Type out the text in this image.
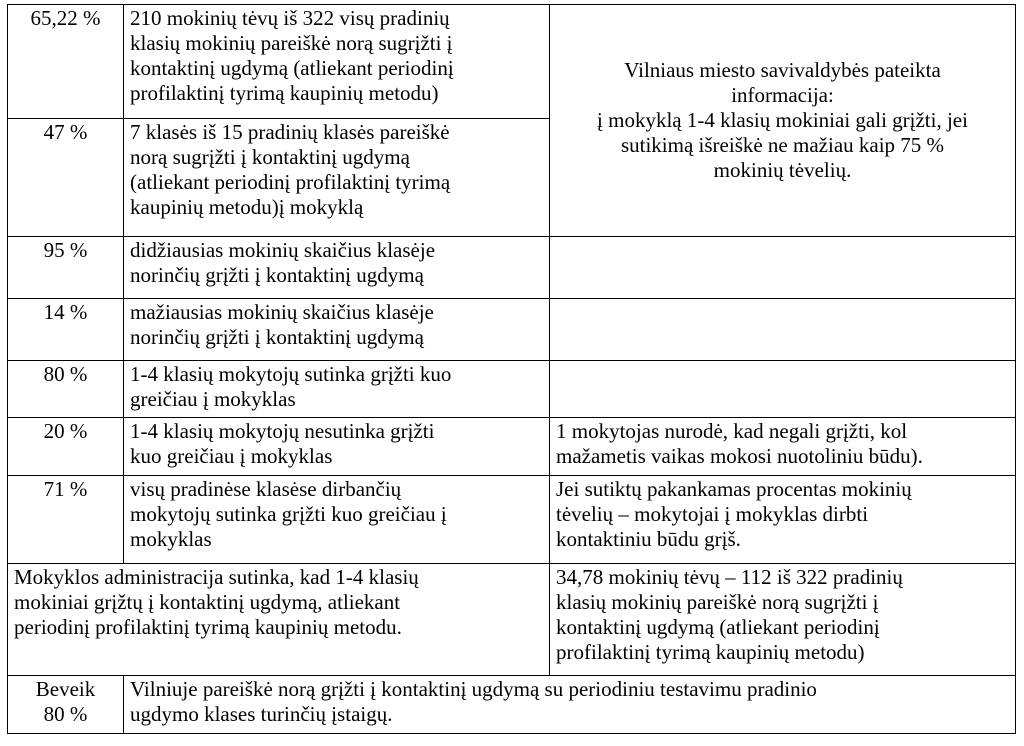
65,22 %	210 mokinių tėvų iš 322 visų pradinių
klasių mokinių pareiškė norą sugrįžti į
kontaktinį ugdymą (atliekant periodinį
profilaktinį tyrimą kaupinių metodu)	Vilniaus miesto savivaldybės pateikta
informacija:
į mokyklą 1-4 klasių mokiniai gali grįžti, jei
sutikimą išreiškė ne mažiau kaip 75 %
mokinių tėvelių.

47 %	7 klasės iš 15 pradinių klasės pareiškė
norą sugrįžti į kontaktinį ugdymą
(atliekant periodinį profilaktinį tyrimą
kaupinių metodu)į mokyklą	

95 %	didžiausias mokinių skaičius klasėje
norinčių grįžti į kontaktinį ugdymą	

14 %	mažiausias mokinių skaičius klasėje
norinčių grįžti į kontaktinį ugdymą	

80 %	1-4 klasių mokytojų sutinka grįžti kuo
greičiau į mokyklas	

20 %	1-4 klasių mokytojų nesutinka grįžti
kuo greičiau į mokyklas	1 mokytojas nurodė, kad negali grįžti, kol
mažametis vaikas mokosi nuotoliniu būdu).

71 %	visų pradinėse klasėse dirbančių
mokytojų sutinka grįžti kuo greičiau į
mokyklas	Jei sutiktų pakankamas procentas mokinių
tėvelių – mokytojai į mokyklas dirbti
kontaktiniu būdu grįš.

Mokyklos administracija sutinka, kad 1-4 klasių
mokiniai grįžtų į kontaktinį ugdymą, atliekant
periodinį profilaktinį tyrimą kaupinių metodu.		34,78 mokinių tėvų – 112 iš 322 pradinių
klasių mokinių pareiškė norą sugrįžti į
kontaktinį ugdymą (atliekant periodinį
profilaktinį tyrimą kaupinių metodu)

Beveik
80 %	Vilniuje pareiškė norą grįžti į kontaktinį ugdymą su periodiniu testavimu pradinio
ugdymo klases turinčių įstaigų.	
